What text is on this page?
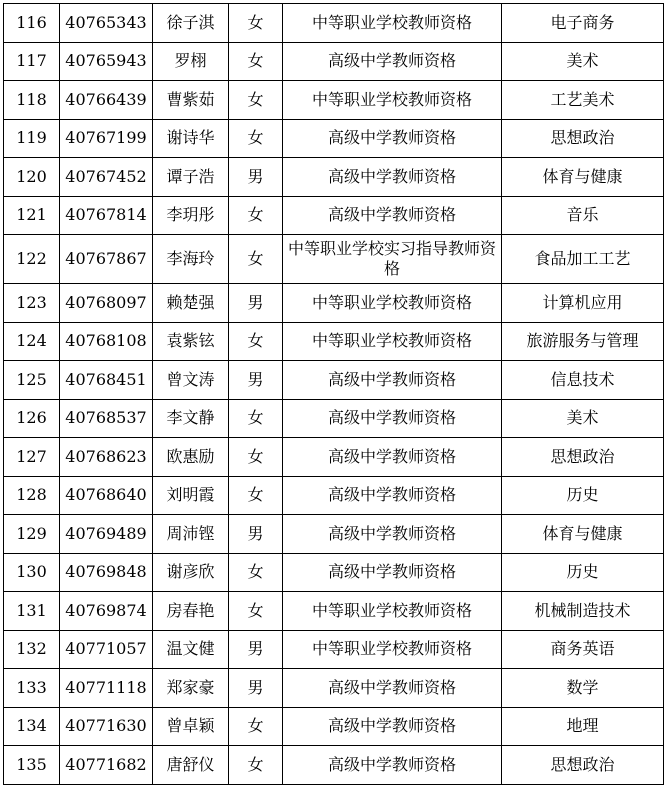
116	40765343	徐子淇	女	中等职业学校教师资格	电子商务
117	40765943	罗栩	女	高级中学教师资格	美术
118	40766439	曹紫茹	女	中等职业学校教师资格	工艺美术
119	40767199	谢诗华	女	高级中学教师资格	思想政治
120	40767452	谭子浩	男	高级中学教师资格	体育与健康
121	40767814	李玥彤	女	高级中学教师资格	音乐
122	40767867	李海玲	女	中等职业学校实习指导教师资格	食品加工工艺
123	40768097	赖楚强	男	中等职业学校教师资格	计算机应用
124	40768108	袁紫铉	女	中等职业学校教师资格	旅游服务与管理
125	40768451	曾文涛	男	高级中学教师资格	信息技术
126	40768537	李文静	女	高级中学教师资格	美术
127	40768623	欧惠励	女	高级中学教师资格	思想政治
128	40768640	刘明霞	女	高级中学教师资格	历史
129	40769489	周沛铿	男	高级中学教师资格	体育与健康
130	40769848	谢彦欣	女	高级中学教师资格	历史
131	40769874	房春艳	女	中等职业学校教师资格	机械制造技术
132	40771057	温文健	男	中等职业学校教师资格	商务英语
133	40771118	郑家豪	男	高级中学教师资格	数学
134	40771630	曾卓颖	女	高级中学教师资格	地理
135	40771682	唐舒仪	女	高级中学教师资格	思想政治
